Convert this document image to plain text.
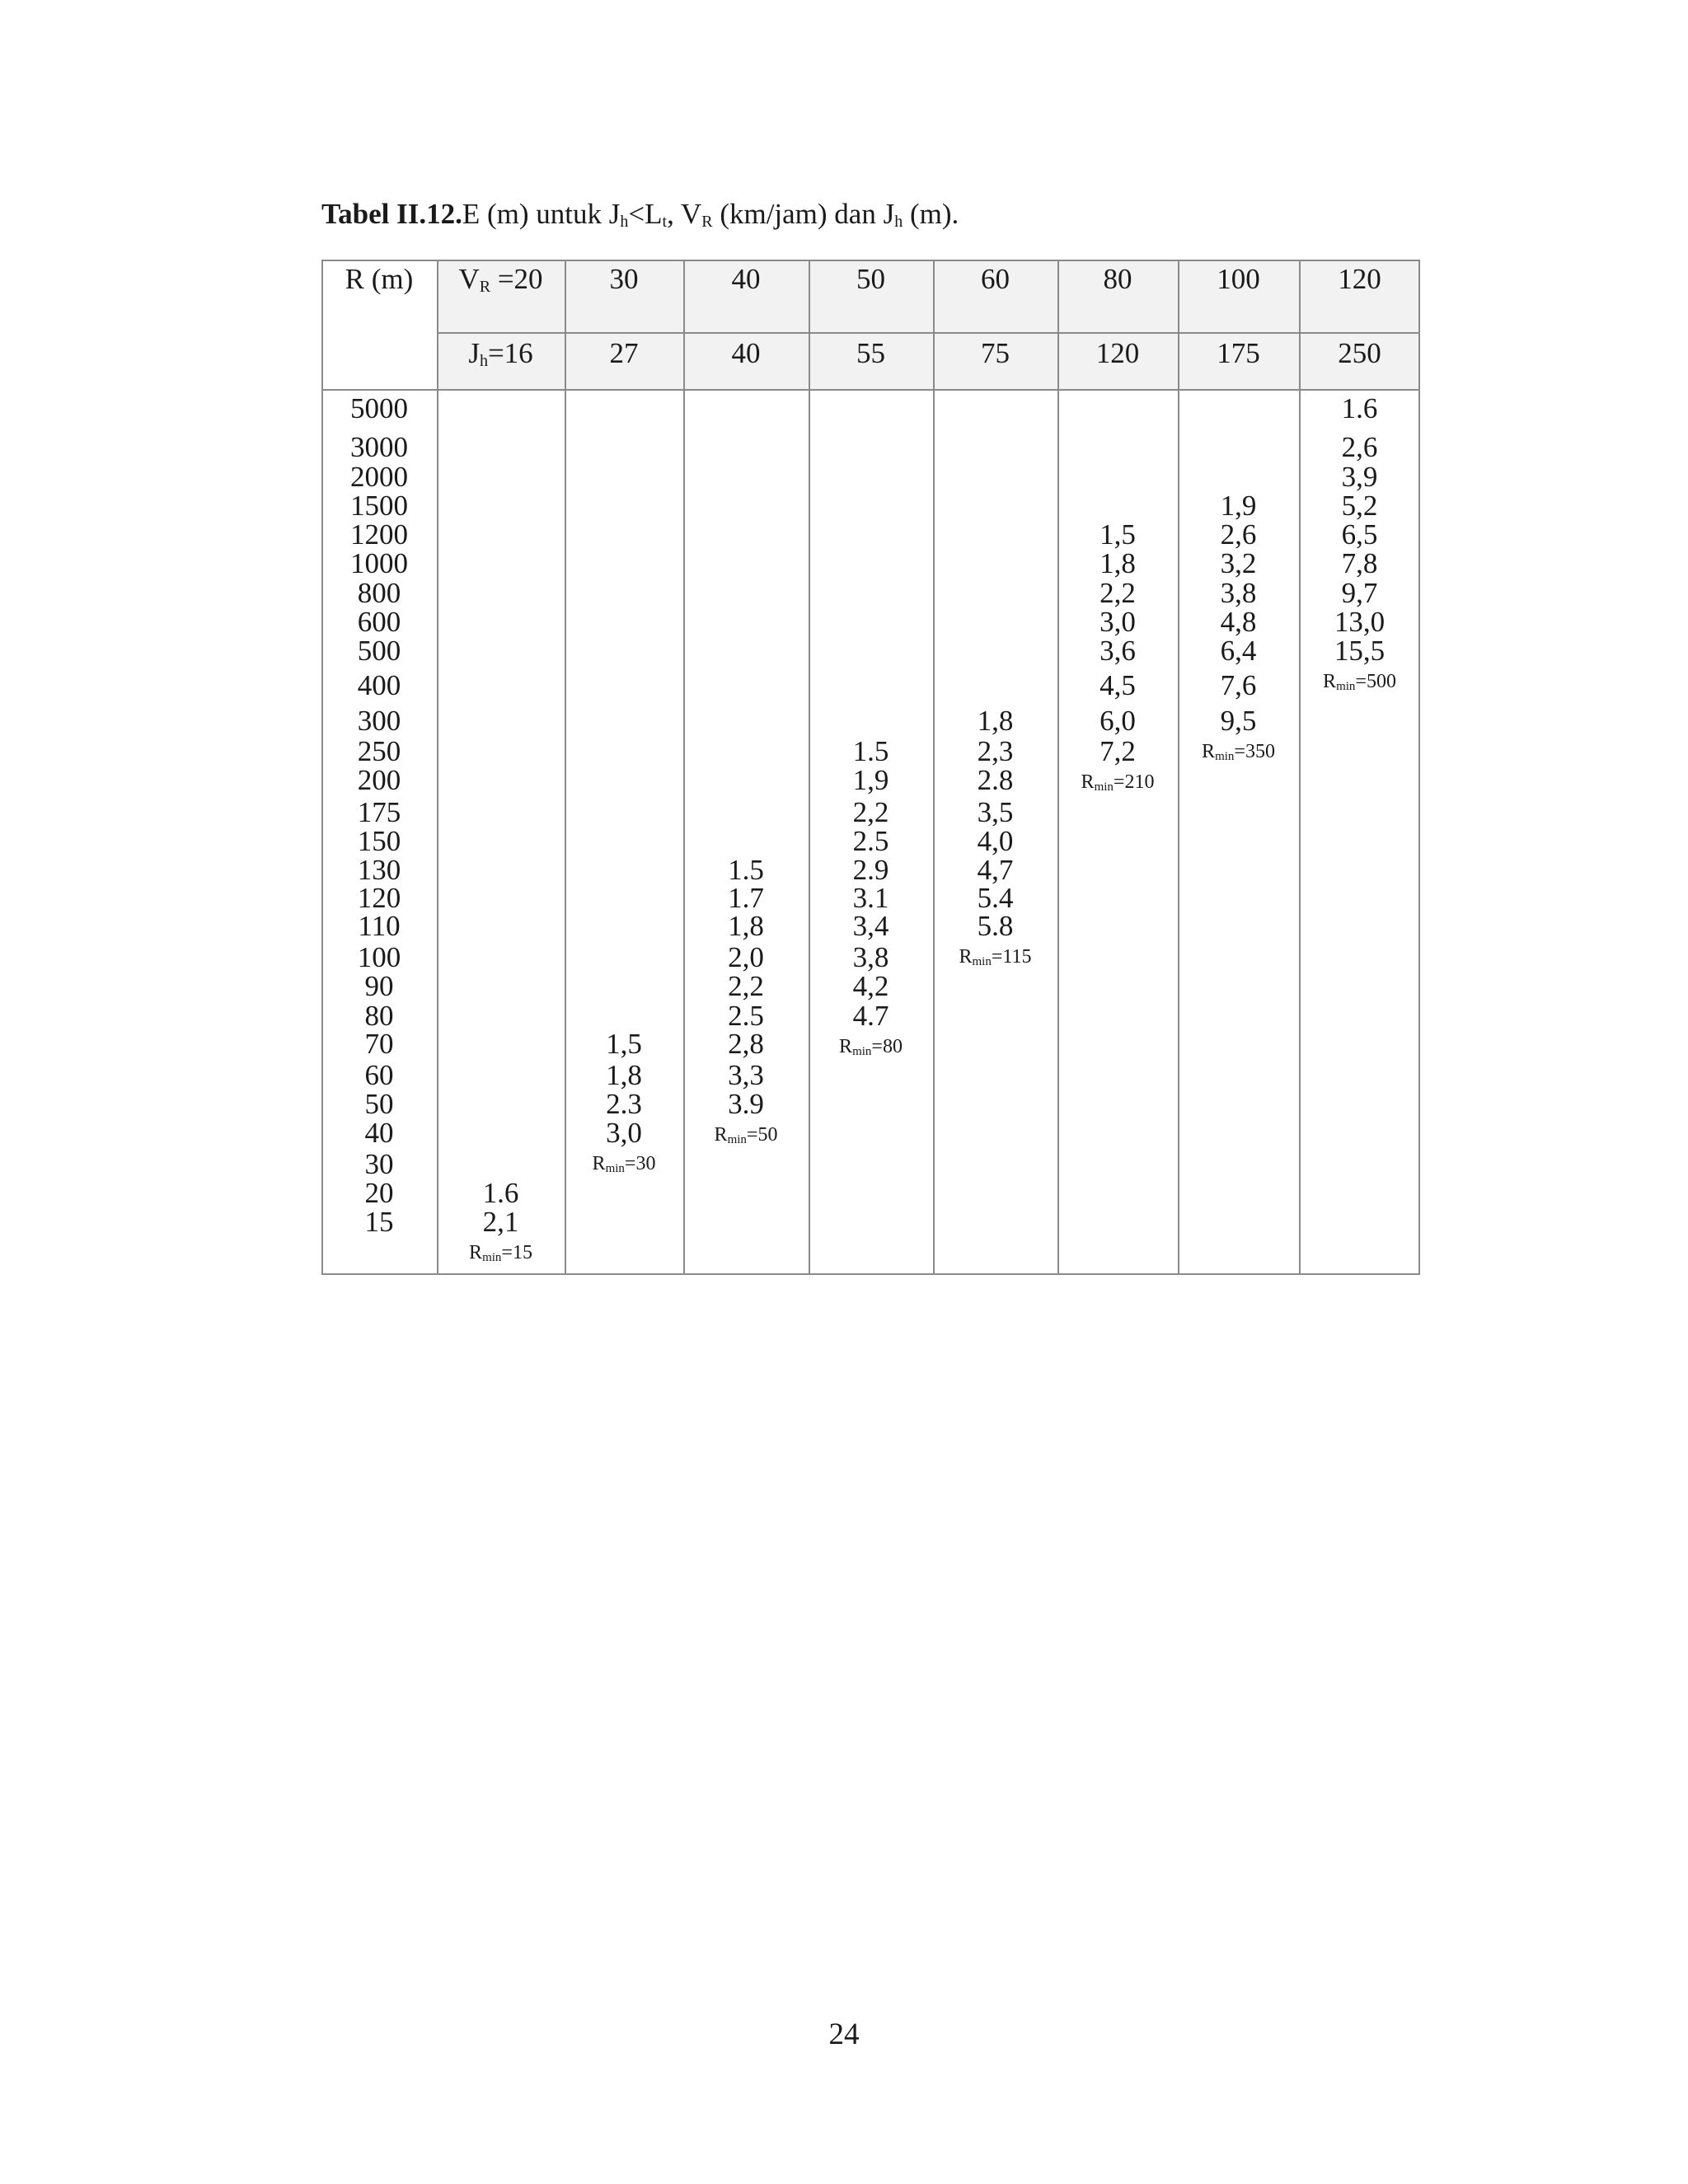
Tabel II.12.E (m) untuk $J_h<L_t$, $V_R$ (km/jam) dan $J_h$ (m).
R (m)	$V_R =20$
$J_h=16$
30
27
40
40
50
55
60
75
80
120
100
175
120
250
5000
3000
2000
1500
1200
1000
800
600
500
400
300
250
200
175
150
130
120
110
100
90
80
70
60
50
40
30
20
15
1.6
2,1
$R_{min}=15$
1,5
1,8
2.3
3,0
$R_{min}=30$
1.5
1.7
1,8
2,0
2,2
2.5
2,8
3,3
3.9
$R_{min}=50$
1.5
1,9
2,2
2.5
2.9
3.1
3,4
3,8
4,2
4.7
$R_{min}=80$
1,8
2,3
2.8
3,5
4,0
4,7
5.4
5.8
$R_{min}=115$
1,5
1,8
2,2
3,0
3,6
4,5
6,0
7,2
$R_{min}=210$
1,9
2,6
3,2
3,8
4,8
6,4
7,6
9,5
$R_{min}=350$
1.6
2,6
3,9
5,2
6,5
7,8
9,7
13,0
15,5
$R_{min}=500$
24
